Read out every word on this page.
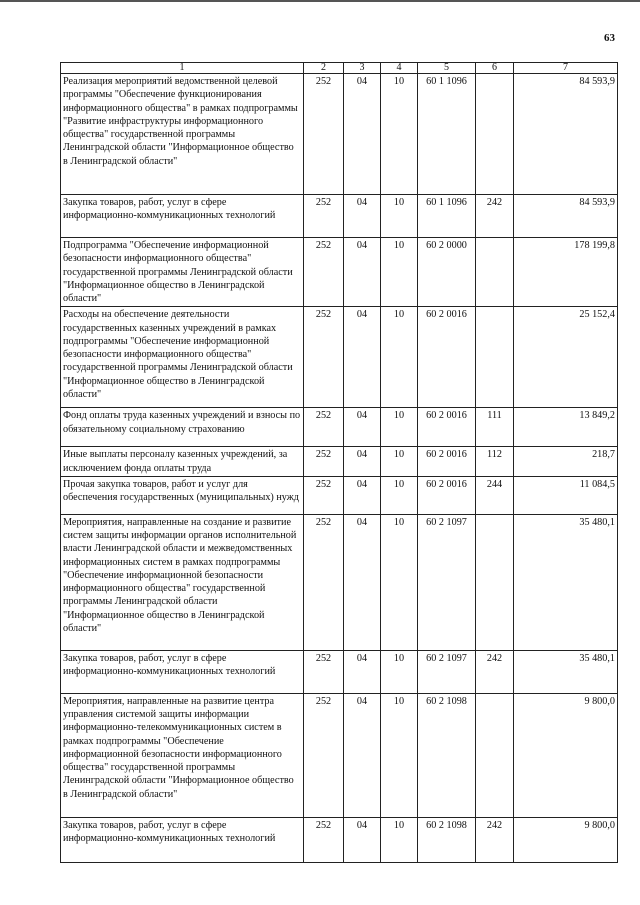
63
1	2	3	4	5	6	7
Реализация мероприятий ведомственной целевой программы "Обеспечение функционирования информационного общества" в рамках подпрограммы "Развитие инфраструктуры информационного общества" государственной программы Ленинградской области "Информационное общество в Ленинградской области"	252	04	10	60 1 1096		84 593,9
Закупка товаров, работ, услуг в сфере информационно-коммуникационных технологий	252	04	10	60 1 1096	242	84 593,9
Подпрограмма "Обеспечение информационной безопасности информационного общества" государственной программы Ленинградской области "Информационное общество в Ленинградской области"	252	04	10	60 2 0000		178 199,8
Расходы на обеспечение деятельности государственных казенных учреждений в рамках подпрограммы "Обеспечение информационной безопасности информационного общества" государственной программы Ленинградской области "Информационное общество в Ленинградской области"	252	04	10	60 2 0016		25 152,4
Фонд оплаты труда казенных учреждений и взносы по обязательному социальному страхованию	252	04	10	60 2 0016	111	13 849,2
Иные выплаты персоналу казенных учреждений, за исключением фонда оплаты труда	252	04	10	60 2 0016	112	218,7
Прочая закупка товаров, работ и услуг для обеспечения государственных (муниципальных) нужд	252	04	10	60 2 0016	244	11 084,5
Мероприятия, направленные на создание и развитие систем защиты информации органов исполнительной власти Ленинградской области и межведомственных информационных систем в рамках подпрограммы "Обеспечение информационной безопасности информационного общества" государственной программы Ленинградской области "Информационное общество в Ленинградской области"	252	04	10	60 2 1097		35 480,1
Закупка товаров, работ, услуг в сфере информационно-коммуникационных технологий	252	04	10	60 2 1097	242	35 480,1
Мероприятия, направленные на развитие центра управления системой защиты информации информационно-телекоммуникационных систем в рамках подпрограммы "Обеспечение информационной безопасности информационного общества" государственной программы Ленинградской области "Информационное общество в Ленинградской области"	252	04	10	60 2 1098		9 800,0
Закупка товаров, работ, услуг в сфере информационно-коммуникационных технологий	252	04	10	60 2 1098	242	9 800,0
